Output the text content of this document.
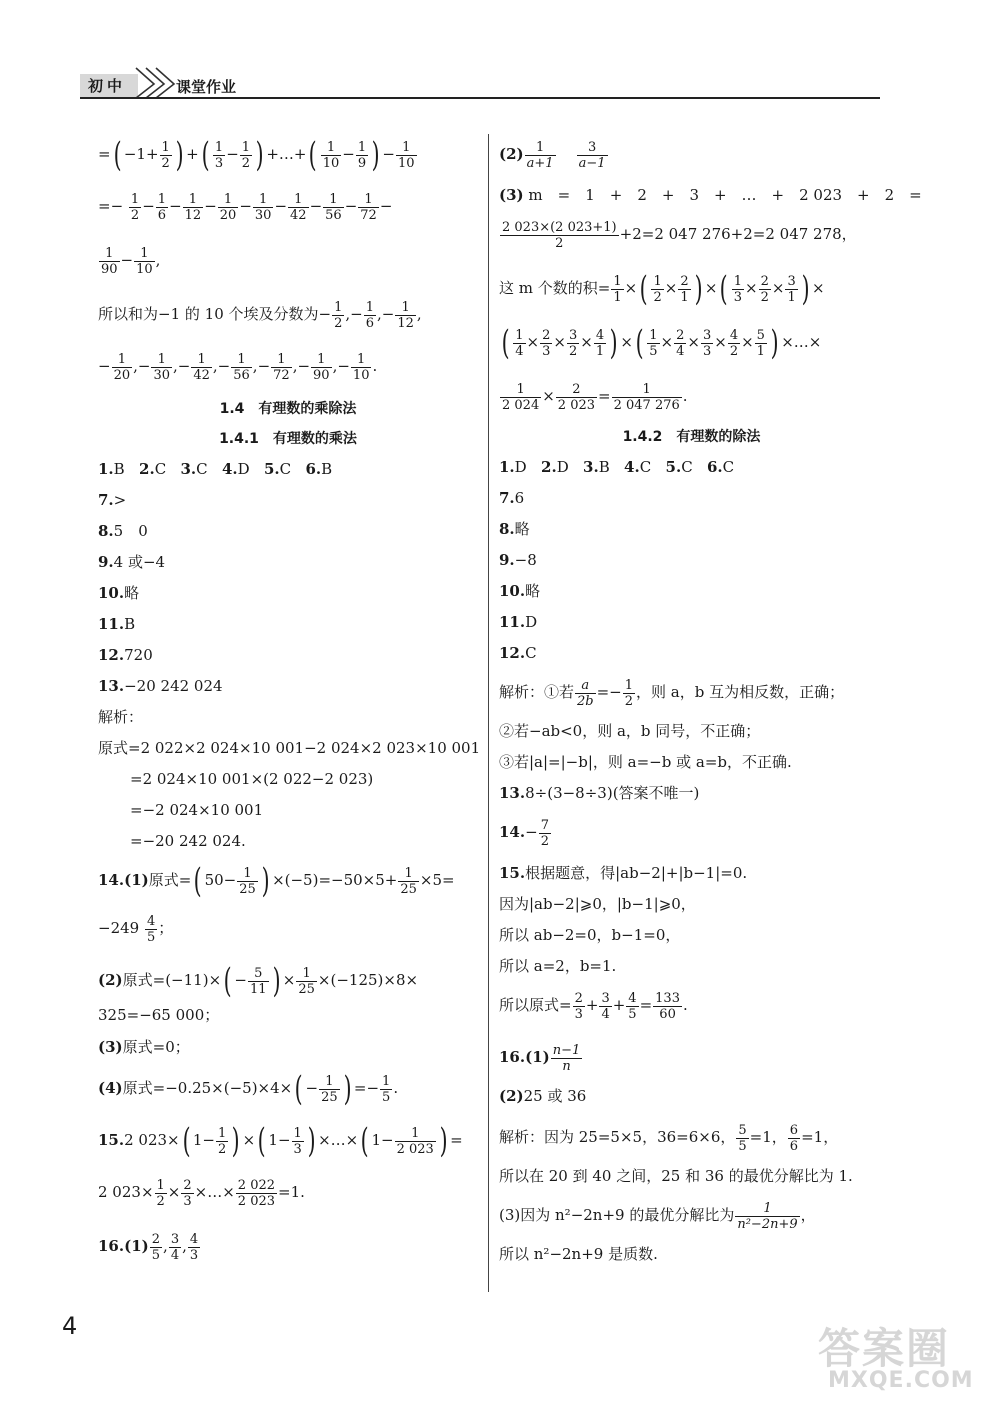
初中	课堂作业
=( $-1+ \frac{1}{2}$ ) +( $\frac{1}{3} - \frac{1}{2}$ ) +…+( $\frac{1}{10} - \frac{1}{9}$ ) − $\frac{1}{10}$
=− $\frac{1}{2} - \frac{1}{6} - \frac{1}{12} - \frac{1}{20} - \frac{1}{30} - \frac{1}{42} - \frac{1}{56} - \frac{1}{72}$ −
$\frac{1}{90} - \frac{1}{10}$ ,
所以和为−1 的 10 个埃及分数为− $\frac{1}{2}$ ,− $\frac{1}{6}$ ,− $\frac{1}{12}$ ,
− $\frac{1}{20}$ ,− $\frac{1}{30}$ ,− $\frac{1}{42}$ ,− $\frac{1}{56}$ ,− $\frac{1}{72}$ ,− $\frac{1}{90}$ ,− $\frac{1}{10}$ .
1.4　有理数的乘除法
1.4.1　有理数的乘法
1.B 2.C 3.C 4.D 5.C 6.B
7.>
8.5　0
9.4 或−4
10.略
11.B
12.720
13.−20 242 024
解析：
原式=2 022×2 024×10 001−2 024×2 023×10 001
=2 024×10 001×(2 022−2 023)
=−2 024×10 001
=−20 242 024.
14.(1)原式=( $50- \frac{1}{25}$ ) $\times(-5)=-50\times 5+ \frac{1}{25} \times 5=$
$-249 \frac{4}{5}$ ；
(2)原式$=(-11)\times( - \frac{5}{11}$ ) × $\frac{1}{25} \times(-125)\times 8\times$
325=−65 000；
(3)原式=0；
(4)原式$=-0.25\times(-5)\times 4\times( - \frac{1}{25}$ ) =− $\frac{1}{5}$ .
15.2 023×( $1- \frac{1}{2}$ ) ×( $1- \frac{1}{3}$ ) ×…×( $1- \frac{1}{2 023}$ ) =
2 $023\times \frac{1}{2} \times \frac{2}{3}$ ×…× $\frac{2 022}{2 023} =1$.
$16.(1) \frac{2}{5}$ , $\frac{3}{4}$ , $\frac{4}{3}$
$(2) \frac{1}{a+1}$
$\frac{3}{a-1}$
(3) m　=　1　+　2　+　3　+　…　+　2 023　+　2　=
$\frac{2 023\times(2 023+1)}{2} +2=2$ 047 276+2=2 047 278，
这 m 个数的积= $\frac{1}{1}$ ×( $\frac{1}{2} \times \frac{2}{1}$ ) ×( $\frac{1}{3} \times \frac{2}{2} \times \frac{3}{1}$ ) ×
( $\frac{1}{4} \times \frac{2}{3} \times \frac{3}{2} \times \frac{4}{1}$ ) ×( $\frac{1}{5} \times \frac{2}{4} \times \frac{3}{3} \times \frac{4}{2} \times \frac{5}{1}$ ) ×…×
$\frac{1}{2 024} \times \frac{2}{2 023} = \frac{1}{2 047 276}$ .
1.4.2　有理数的除法
1.D 2.D 3.B 4.C 5.C 6.C
7.6
8.略
9.−8
10.略
11.D
12.C
解析：①若 $\frac{a}{2b} =- \frac{1}{2}$ ，则 a，b 互为相反数，正确；
②若−ab<0，则 a，b 同号，不正确；
③若|a|=|−b|，则 a=−b 或 a=b，不正确.
13.8÷(3−8÷3)(答案不唯一)
$14.- \frac{7}{2}$
15.根据题意，得|ab−2|+|b−1|=0.
因为|ab−2|⩾0，|b−1|⩾0，
所以 ab−2=0，b−1=0，
所以 a=2，b=1.
所以原式= $\frac{2}{3} + \frac{3}{4} + \frac{4}{5} = \frac{133}{60}$ .
$16.(1) \frac{n-1}{n}$
(2)25 或 36
解析：因为 25=5×5，36=6×6， $\frac{5}{5} =1$， $\frac{6}{6} =1$，
所以在 20 到 40 之间，25 和 36 的最优分解比为 1.
(3)因为 n²−2n+9 的最优分解比为 $\frac{1}{\text{n²−2n+9}}$ ，
所以 n²−2n+9 是质数.
4	答案圈
MXQE.COM
